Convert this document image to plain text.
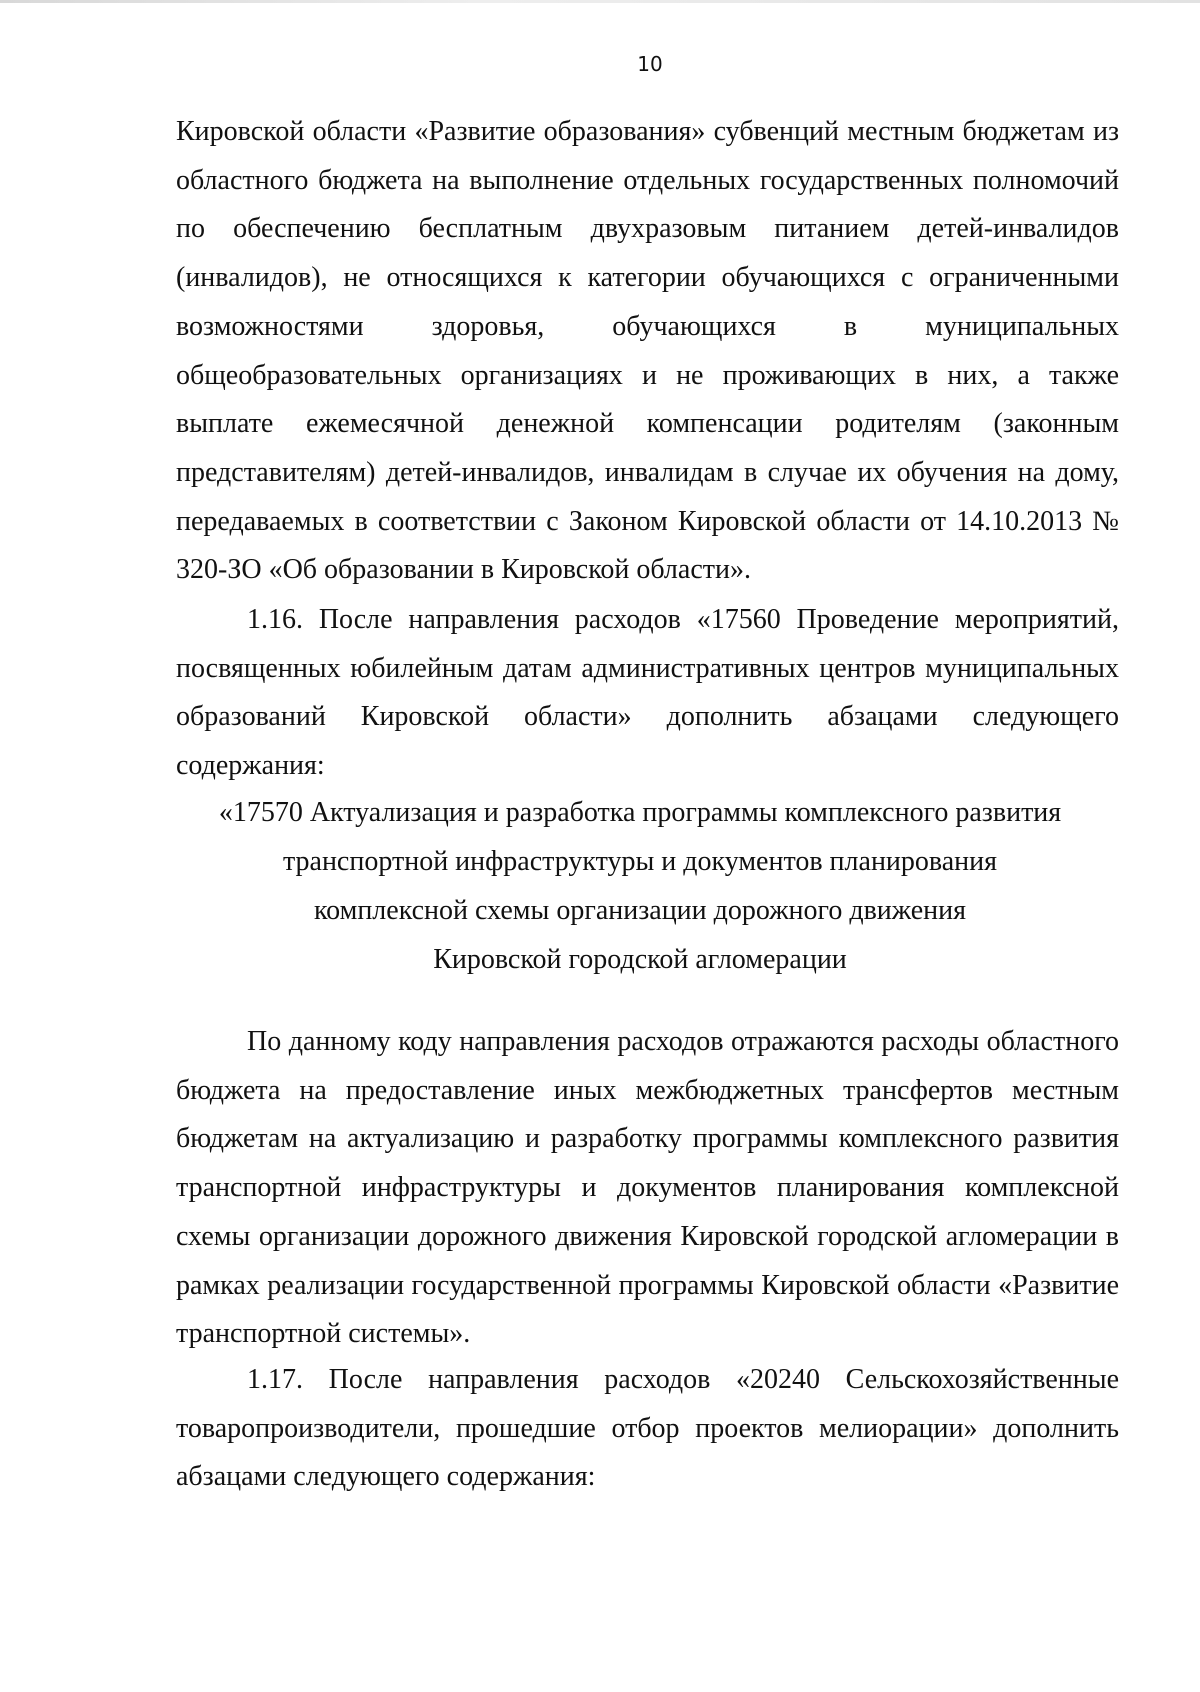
10

Кировской области «Развитие образования» субвенций местным бюджетам из областного бюджета на выполнение отдельных государственных полномочий по обеспечению бесплатным двухразовым питанием детей-инвалидов (инвалидов), не относящихся к категории обучающихся с ограниченными возможностями здоровья, обучающихся в муниципальных общеобразовательных организациях и не проживающих в них, а также выплате ежемесячной денежной компенсации родителям (законным представителям) детей-инвалидов, инвалидам в случае их обучения на дому, передаваемых в соответствии с Законом Кировской области от 14.10.2013 № 320-ЗО «Об образовании в Кировской области».

1.16. После направления расходов «17560 Проведение мероприятий, посвященных юбилейным датам административных центров муниципальных образований Кировской области» дополнить абзацами следующего содержания:

«17570 Актуализация и разработка программы комплексного развития
транспортной инфраструктуры и документов планирования
комплексной схемы организации дорожного движения
Кировской городской агломерации

По данному коду направления расходов отражаются расходы областного бюджета на предоставление иных межбюджетных трансфертов местным бюджетам на актуализацию и разработку программы комплексного развития транспортной инфраструктуры и документов планирования комплексной схемы организации дорожного движения Кировской городской агломерации в рамках реализации государственной программы Кировской области «Развитие транспортной системы».

1.17. После направления расходов «20240 Сельскохозяйственные товаропроизводители, прошедшие отбор проектов мелиорации» дополнить абзацами следующего содержания:
